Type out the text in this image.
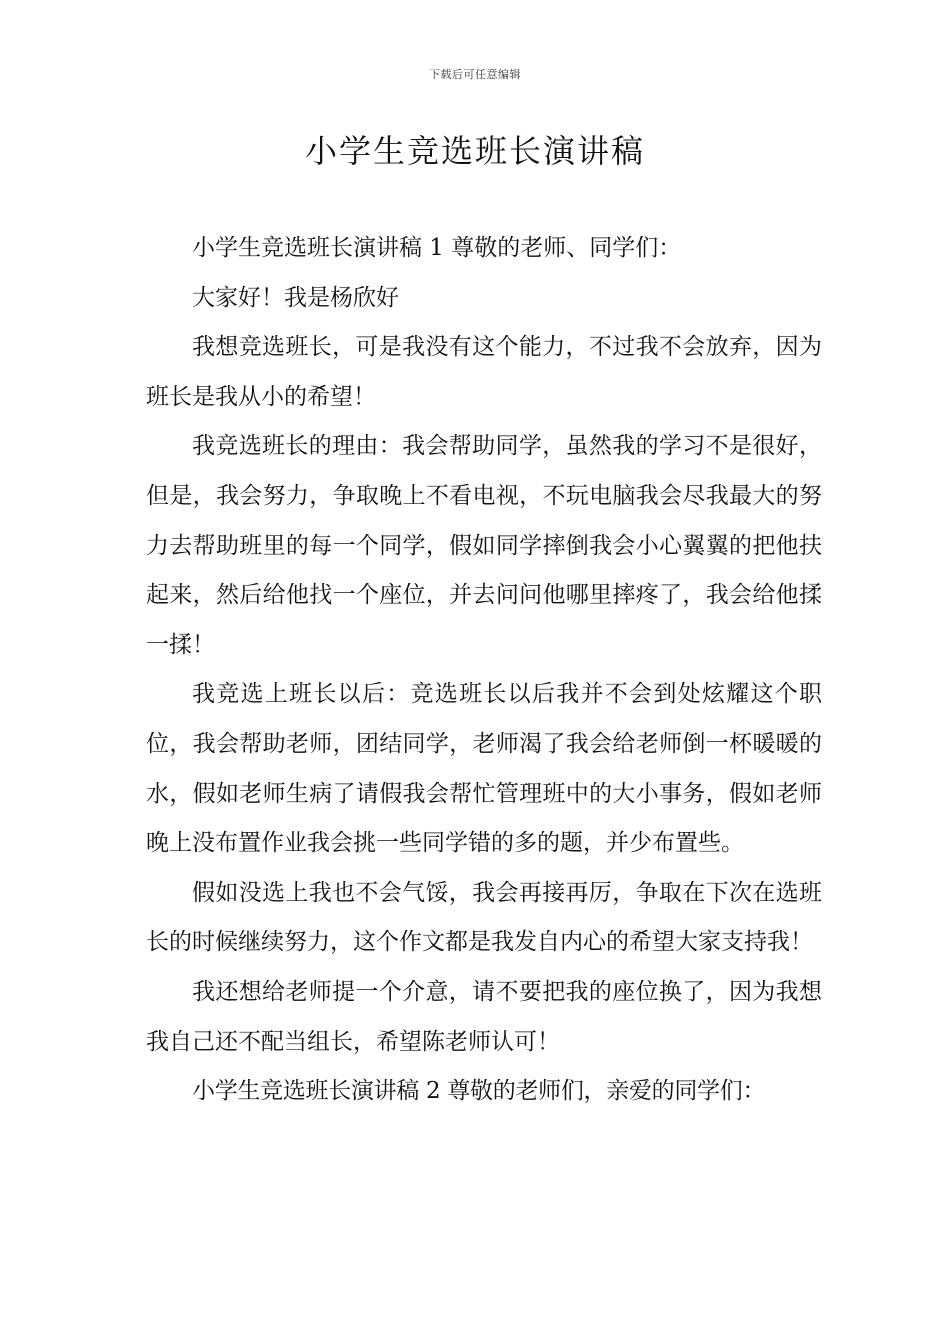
下载后可任意编辑
小学生竞选班长演讲稿

小学生竞选班长演讲稿 1 尊敬的老师、同学们：

大家好！我是杨欣好

我想竞选班长，可是我没有这个能力，不过我不会放弃，因为班长是我从小的希望！

我竞选班长的理由：我会帮助同学，虽然我的学习不是很好，但是，我会努力，争取晚上不看电视，不玩电脑我会尽我最大的努力去帮助班里的每一个同学，假如同学摔倒我会小心翼翼的把他扶起来，然后给他找一个座位，并去问问他哪里摔疼了，我会给他揉一揉！

我竞选上班长以后：竞选班长以后我并不会到处炫耀这个职位，我会帮助老师，团结同学，老师渴了我会给老师倒一杯暖暖的水，假如老师生病了请假我会帮忙管理班中的大小事务，假如老师晚上没布置作业我会挑一些同学错的多的题，并少布置些。

假如没选上我也不会气馁，我会再接再厉，争取在下次在选班长的时候继续努力，这个作文都是我发自内心的希望大家支持我！

我还想给老师提一个介意，请不要把我的座位换了，因为我想我自己还不配当组长，希望陈老师认可！

小学生竞选班长演讲稿 2 尊敬的老师们，亲爱的同学们：
